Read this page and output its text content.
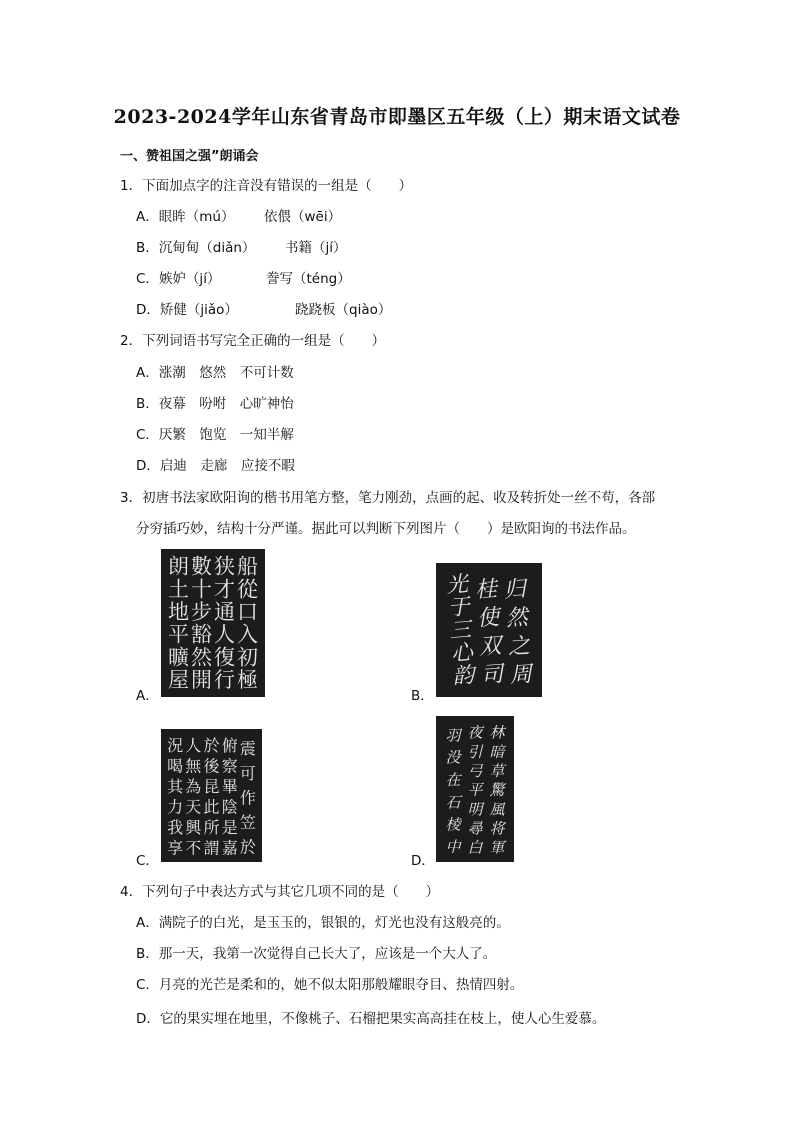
2023-2024学年山东省青岛市即墨区五年级（上）期末语文试卷
一、赞祖国之强”朗诵会
1．下面加点字的注音没有错误的一组是（　　）
A．眼眸（mú） 依偎（wēi）
B．沉甸甸（diǎn） 书籍（jí）
C．嫉妒（jí）	誊写（téng）
D．矫健（jiǎo）	跷跷板（qiào）
2．下列词语书写完全正确的一组是（　　）
A．涨潮　悠然　不可计数
B．夜幕　吩咐　心旷神怡
C．厌繁　饱览　一知半解
D．启迪　走廊　应接不暇
3．初唐书法家欧阳询的楷书用笔方整，笔力刚劲，点画的起、收及转折处一丝不苟，各部
分穷插巧妙，结构十分严谨。据此可以判断下列图片（　　）是欧阳询的书法作品。
A．
船從口入初極
狭才通人復行
數十步豁然開
朗土地平曠屋
B．
归然之周
桂使双司
光于三心韵
C．
震可作笠於
俯察畢陰是嘉
於後昆此所謂
人無為天興不
況喝其力我享
D．
林暗草驚風将軍
夜引弓平明尋白
羽没在石棱中
4．下列句子中表达方式与其它几项不同的是（　　）
A．满院子的白光，是玉玉的，银银的，灯光也没有这般亮的。
B．那一天，我第一次觉得自己长大了，应该是一个大人了。
C．月亮的光芒是柔和的，她不似太阳那般耀眼夺目、热情四射。
D．它的果实埋在地里，不像桃子、石榴把果实高高挂在枝上，使人心生爱慕。
